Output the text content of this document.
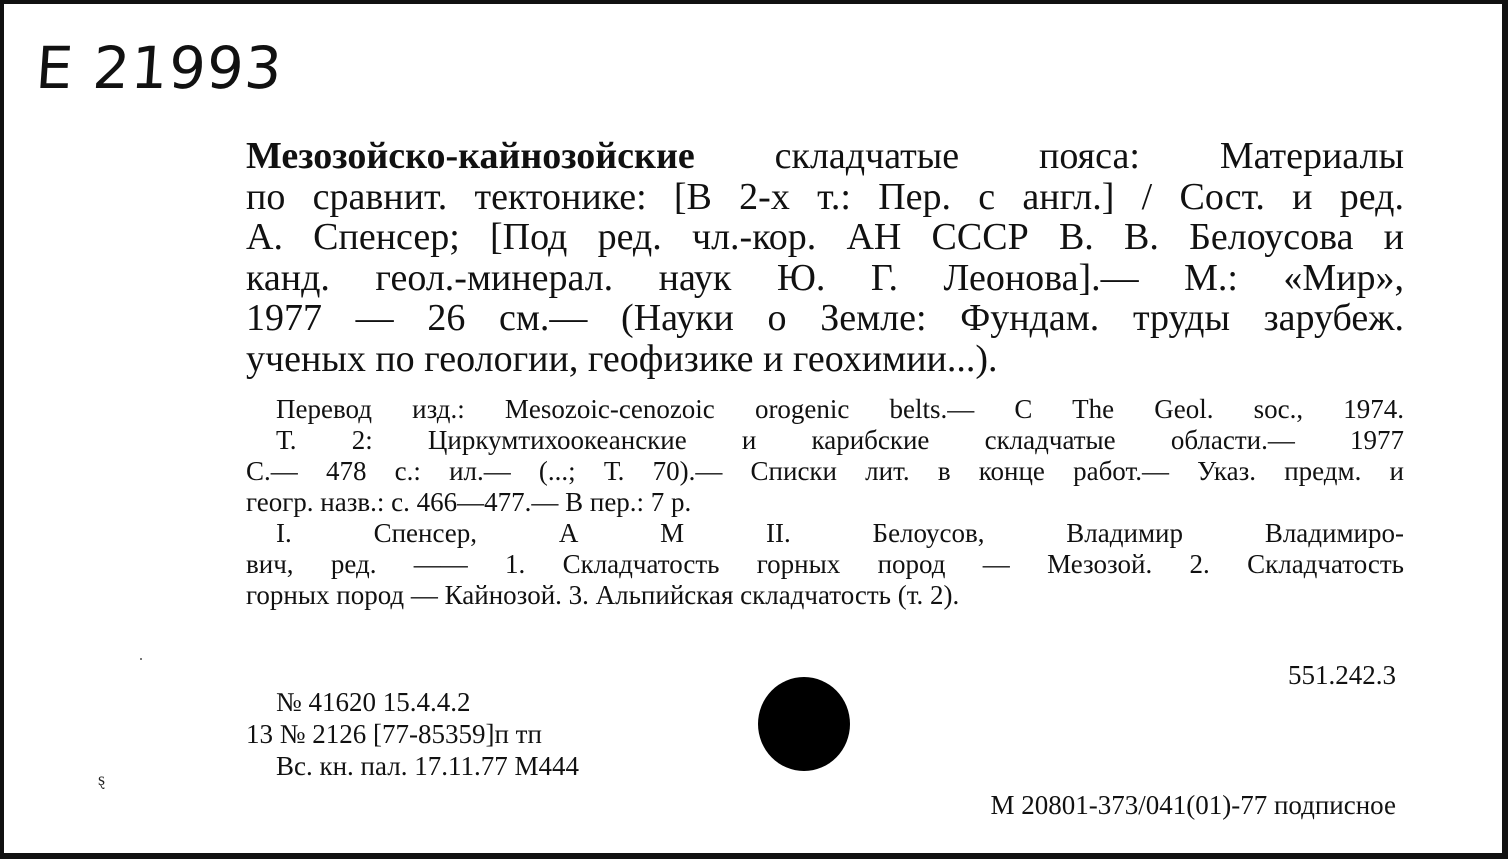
Е 21993
Мезозойско-кайнозойские складчатые пояса: Материалы
по сравнит. тектонике: [В 2-х т.: Пер. с англ.] / Сост. и ред.
А. Спенсер; [Под ред. чл.-кор. АН СССР В. В. Белоусова и
канд. геол.-минерал. наук Ю. Г. Леонова].— М.: «Мир»,
1977 — 26 см.— (Науки о Земле: Фундам. труды зарубеж.
ученых по геологии, геофизике и геохимии...).
Перевод изд.: Mesozoic-cenozoic orogenic belts.— C The Geol. soc., 1974.
Т. 2: Циркумтихоокеанские и карибские складчатые области.— 1977
С.— 478 с.: ил.— (...; Т. 70).— Списки лит. в конце работ.— Указ. предм. и
геогр. назв.: с. 466—477.— В пер.: 7 р.
I. Спенсер, А М II. Белоусов, Владимир Владимиро-
вич, ред. —— 1. Складчатость горных пород — Мезозой. 2. Складчатость
горных пород — Кайнозой. 3. Альпийская складчатость (т. 2).
551.242.3
№ 41620 15.4.4.2
13 № 2126 [77-85359]п тп
Вс. кн. пал. 17.11.77 М444
ȿ
М 20801-373/041(01)-77 подписное
